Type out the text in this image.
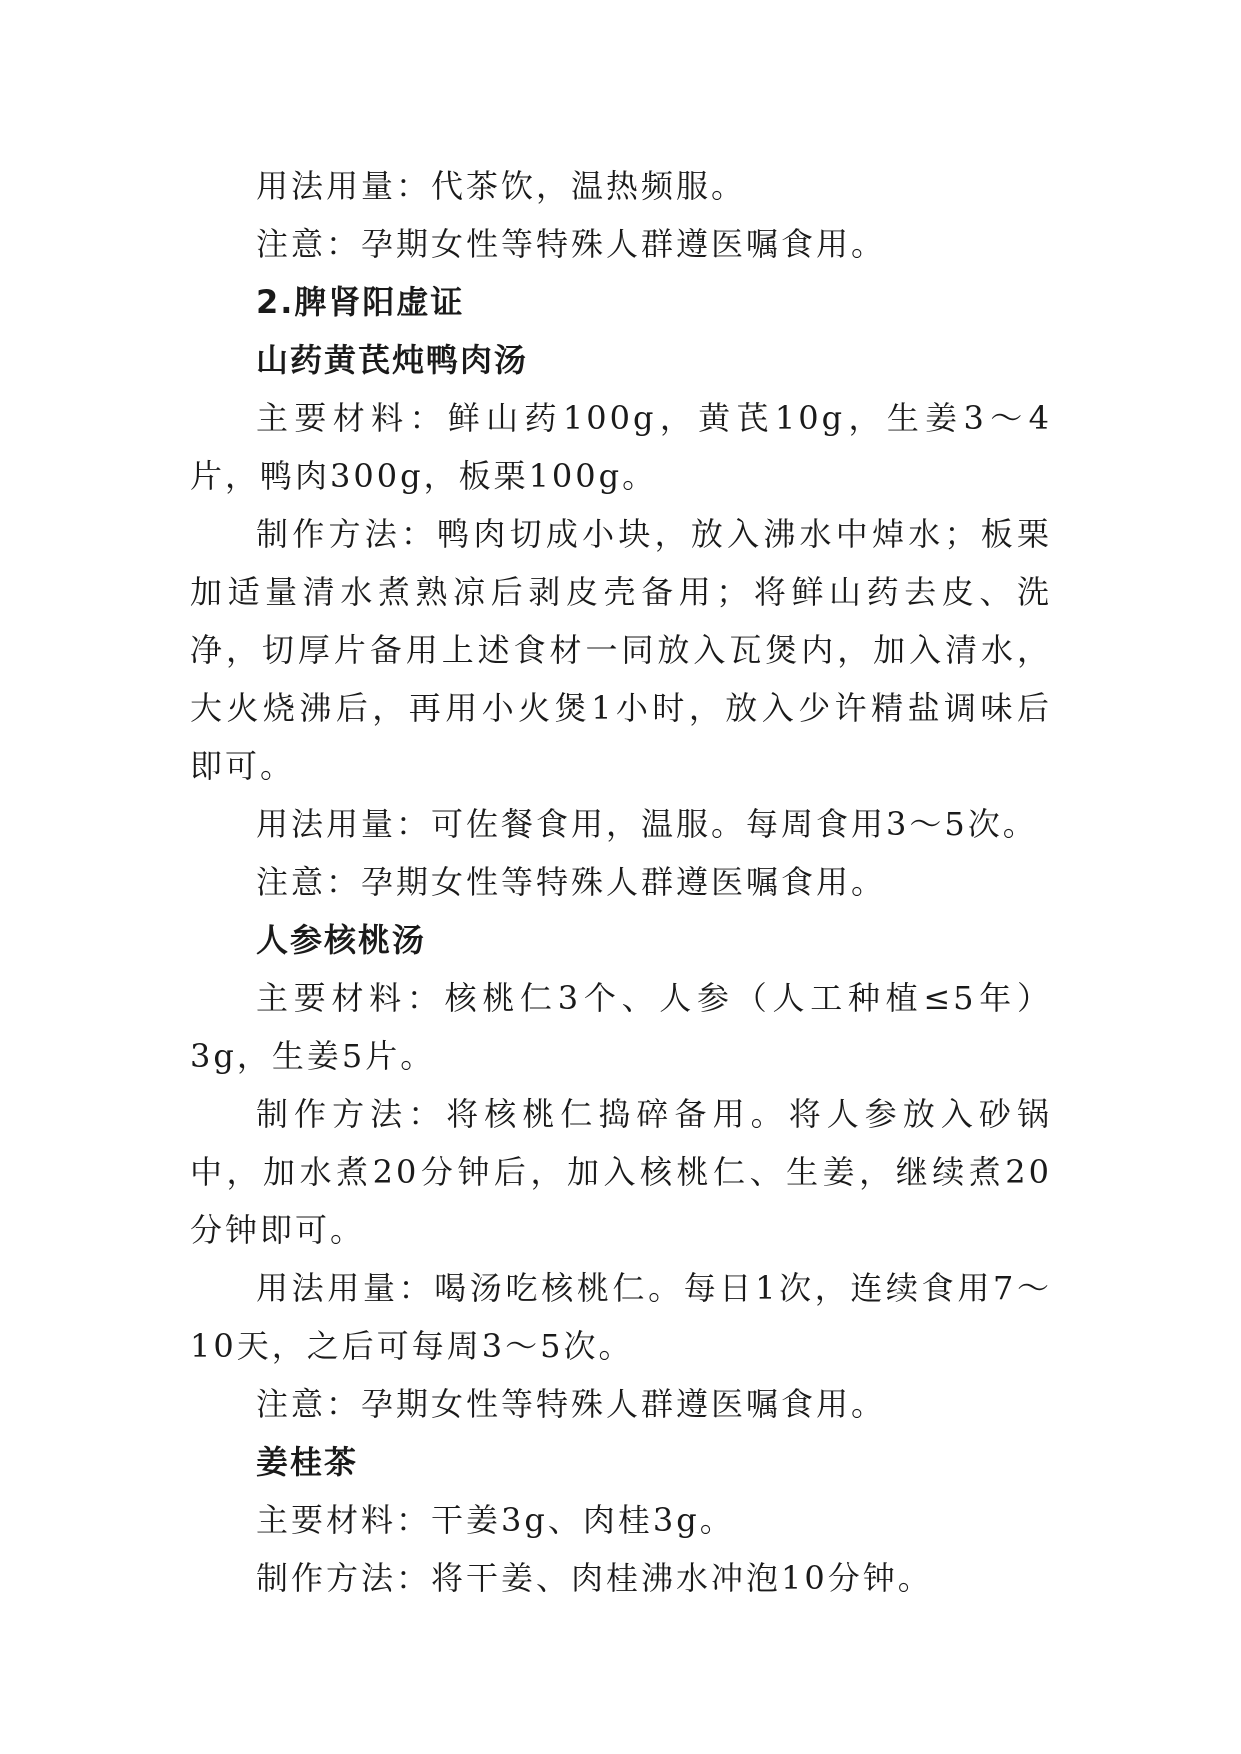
用法用量：代茶饮，温热频服。

注意：孕期女性等特殊人群遵医嘱食用。

2.脾肾阳虚证

山药黄芪炖鸭肉汤

主要材料：鲜山药100g，黄芪10g，生姜3～4片，鸭肉300g，板栗100g。

制作方法：鸭肉切成小块，放入沸水中焯水；板栗加适量清水煮熟凉后剥皮壳备用；将鲜山药去皮、洗净，切厚片备用上述食材一同放入瓦煲内，加入清水，大火烧沸后，再用小火煲1小时，放入少许精盐调味后即可。

用法用量：可佐餐食用，温服。每周食用3～5次。

注意：孕期女性等特殊人群遵医嘱食用。

人参核桃汤

主要材料：核桃仁3个、人参（人工种植≤5年）3g，生姜5片。

制作方法：将核桃仁捣碎备用。将人参放入砂锅中，加水煮20分钟后，加入核桃仁、生姜，继续煮20分钟即可。

用法用量：喝汤吃核桃仁。每日1次，连续食用7～10天，之后可每周3～5次。

注意：孕期女性等特殊人群遵医嘱食用。

姜桂茶

主要材料：干姜3g、肉桂3g。

制作方法：将干姜、肉桂沸水冲泡10分钟。
